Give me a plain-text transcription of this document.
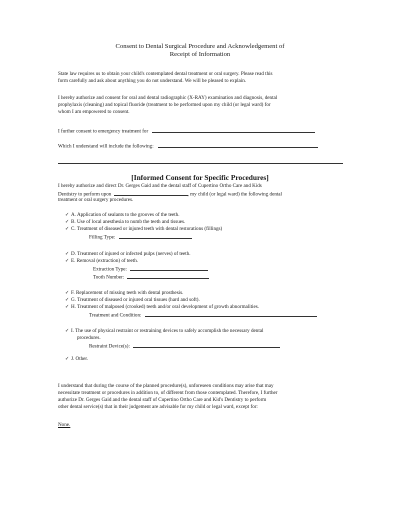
Consent to Dental Surgical Procedure and Acknowledgement of
Receipt of Information
State law requires us to obtain your child's contemplated dental treatment or oral surgery. Please read this
form carefully and ask about anything you do not understand. We will be pleased to explain.
I hereby authorize and consent for oral and dental radiographic (X-RAY) examination and diagnosis, dental
prophylaxis (cleaning) and topical fluoride (treatment to be performed upon my child (or legal ward) for
whom I am empowered to consent.
I further consent to emergency treatment for
Which I understand will include the following:
[Informed Consent for Specific Procedures]
I hereby authorize and direct Dr. Gerges Gaid and the dental staff of Cupertino Ortho Care and Kids
Dentistry to perform upon	, my child (or legal ward) the following dental
treatment or oral surgery procedures.
✓ A. Application of sealants to the grooves of the teeth.
✓ B. Use of local anesthesia to numb the teeth and tissues.
✓ C. Treatment of diseased or injured teeth with dental restorations (fillings)
Filling Type:
✓ D. Treatment of injured or infected pulps (nerves) of teeth.
✓ E. Removal (extraction) of teeth.
Extraction Type:
Tooth Number:
✓ F. Replacement of missing teeth with dental prosthesis.
✓ G. Treatment of diseased or injured oral tissues (hard and soft).
✓ H. Treatment of malposed (crooked) teeth and/or oral development of growth abnormalities.
Treatment and Condition:
✓ I. The use of physical restraint or restraining devices to safely accomplish the necessary dental
procedures.
Restraint Device(s):
✓ J. Other.
I understand that during the course of the planned procedure(s), unforeseen conditions may arise that may
necessitate treatment or procedures in addition to, of different from those contemplated. Therefore, I further
authorize Dr. Gerges Gaid and the dental staff of Cupertino Ortho Care and Kid's Dentistry to perform
other dental service(s) that in their judgement are advisable for my child or legal ward, except for:
None.
